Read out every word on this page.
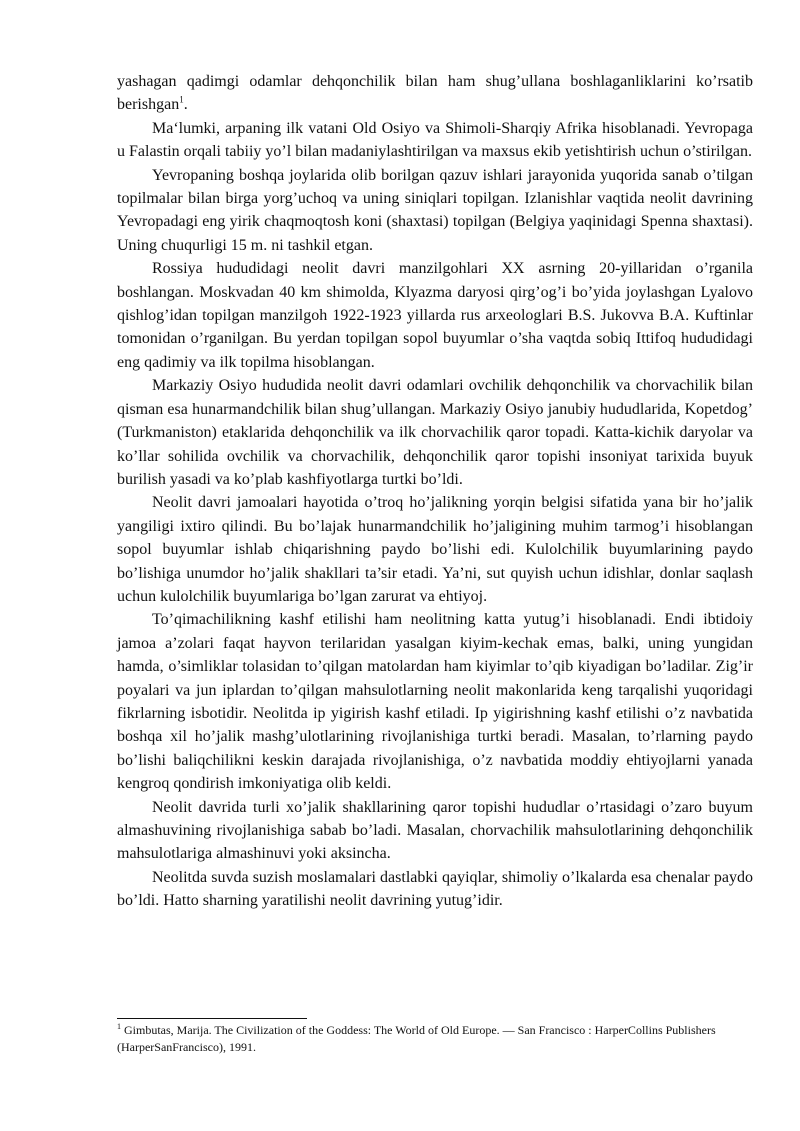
yashagan qadimgi odamlar dehqonchilik bilan ham shug’ullana boshlaganliklarini ko’rsatib berishgan$^1$.

Ma‘lumki, arpaning ilk vatani Old Osiyo va Shimoli-Sharqiy Afrika hisoblanadi. Yevropaga u Falastin orqali tabiiy yo’l bilan madaniylashtirilgan va maxsus ekib yetishtirish uchun o’stirilgan.

Yevropaning boshqa joylarida olib borilgan qazuv ishlari jarayonida yuqorida sanab o’tilgan topilmalar bilan birga yorg’uchoq va uning siniqlari topilgan. Izlanishlar vaqtida neolit davrining Yevropadagi eng yirik chaqmoqtosh koni (shaxtasi) topilgan (Belgiya yaqinidagi Spenna shaxtasi). Uning chuqurligi 15 m. ni tashkil etgan.

Rossiya hududidagi neolit davri manzilgohlari XX asrning 20-yillaridan o’rganila boshlangan. Moskvadan 40 km shimolda, Klyazma daryosi qirg’og’i bo’yida joylashgan Lyalovo qishlog’idan topilgan manzilgoh 1922-1923 yillarda rus arxeologlari B.S. Jukovva B.A. Kuftinlar tomonidan o’rganilgan. Bu yerdan topilgan sopol buyumlar o’sha vaqtda sobiq Ittifoq hududidagi eng qadimiy va ilk topilma hisoblangan.

Markaziy Osiyo hududida neolit davri odamlari ovchilik dehqonchilik va chorvachilik bilan qisman esa hunarmandchilik bilan shug’ullangan. Markaziy Osiyo janubiy hududlarida, Kopetdog’ (Turkmaniston) etaklarida dehqonchilik va ilk chorvachilik qaror topadi. Katta-kichik daryolar va ko’llar sohilida ovchilik va chorvachilik, dehqonchilik qaror topishi insoniyat tarixida buyuk burilish yasadi va ko’plab kashfiyotlarga turtki bo’ldi.

Neolit davri jamoalari hayotida o’troq ho’jalikning yorqin belgisi sifatida yana bir ho’jalik yangiligi ixtiro qilindi. Bu bo’lajak hunarmandchilik ho’jaligining muhim tarmog’i hisoblangan sopol buyumlar ishlab chiqarishning paydo bo’lishi edi. Kulolchilik buyumlarining paydo bo’lishiga unumdor ho’jalik shakllari ta’sir etadi. Ya’ni, sut quyish uchun idishlar, donlar saqlash uchun kulolchilik buyumlariga bo’lgan zarurat va ehtiyoj.

To’qimachilikning kashf etilishi ham neolitning katta yutug’i hisoblanadi. Endi ibtidoiy jamoa a’zolari faqat hayvon terilaridan yasalgan kiyim-kechak emas, balki, uning yungidan hamda, o’simliklar tolasidan to’qilgan matolardan ham kiyimlar to’qib kiyadigan bo’ladilar. Zig’ir poyalari va jun iplardan to’qilgan mahsulotlarning neolit makonlarida keng tarqalishi yuqoridagi fikrlarning isbotidir. Neolitda ip yigirish kashf etiladi. Ip yigirishning kashf etilishi o’z navbatida boshqa xil ho’jalik mashg’ulotlarining rivojlanishiga turtki beradi. Masalan, to’rlarning paydo bo’lishi baliqchilikni keskin darajada rivojlanishiga, o’z navbatida moddiy ehtiyojlarni yanada kengroq qondirish imkoniyatiga olib keldi.

Neolit davrida turli xo’jalik shakllarining qaror topishi hududlar o’rtasidagi o’zaro buyum almashuvining rivojlanishiga sabab bo’ladi. Masalan, chorvachilik mahsulotlarining dehqonchilik mahsulotlariga almashinuvi yoki aksincha.

Neolitda suvda suzish moslamalari dastlabki qayiqlar, shimoliy o’lkalarda esa chenalar paydo bo’ldi. Hatto sharning yaratilishi neolit davrining yutug’idir.

$^1$ Gimbutas, Marija. The Civilization of the Goddess: The World of Old Europe. — San Francisco : HarperCollins Publishers (HarperSanFrancisco), 1991.
